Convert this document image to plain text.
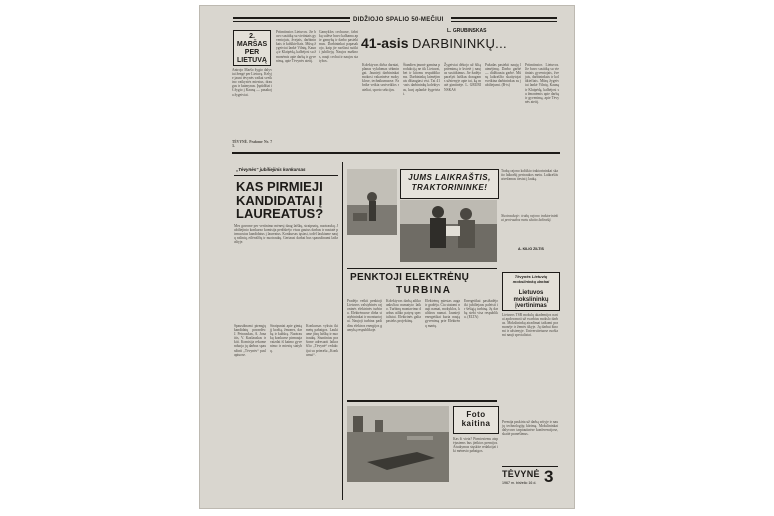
DIDŽIOJO SPALIO 50-MEČIUI
2. MARŠAS PER LIETUVĄ
Antrojo Maršo žygio dalyviai žengė per Lietuvą. Kelyje jauni tėvynės vaikai sveikino vaikystės miestus, draugus ir kaimynus. Įspūdžiai iš žygio į Kauną — pasakoja žygeiviai.
TĖVYNĖ. Prašome Nr. 73.
Priimtinsios Lietuvos. Jie buvo susitikę su vietiniais gyventojais, žvejais, darbininkais ir kolūkiečiais. Mūsų žygeiviai lankė Vilnių, Kauną ir Klaipėdą, kalbėjosi su žmonėmis apie darbą ir gyvenimą, apie Tėvynės ateitį.
Gamyklos cechuose, fabrikų salėse buvo kalbama apie gamybą ir darbo pasiekimus. Darbininkai papasakojo, kaip jie ruošiasi sutikti jubiliejų. Naujos mašinos, nauji cechai ir naujos statybos.
L. GRUBINSKAS
41-asis DARBININKŲ...
Kolektyvas dirba darniai, planas vykdomas sėkmingai. Jaunieji darbininkai mokosi vakarinėse mokyklose, technikumuose. Fabrike veikia saviveiklos rateliai, sporto sekcijos.
Šiandien įmonė gamina produkciją ne tik Lietuvai, bet ir kitoms respublikoms. Darbininkų laimėjimais džiaugiasi visi. Tai 41-asis darbininkų kolektyvas, kurį aplankė žygeiviai.
Žygeiviai dėkojo už šiltą priėmimą ir kvietė į naujus susitikimus. Jie žadėjo parašyti laiškus draugams užsienyje apie tai, ką matė gimtinėje. L. GRUBINSKAS
Pažadas pasiekti naujų laimėjimų. Darbo garbė — didžiausia garbė. Mūsų laikraščio skaitytojai sveikina darbininkus su jubiliejumi. (B-ts)
Priimtinsios Lietuvos. Jie buvo susitikę su vietiniais gyventojais, žvejais, darbininkais ir kolūkiečiais. Mūsų žygeiviai lankė Vilnių, Kauną ir Klaipėdą, kalbėjosi su žmonėmis apie darbą ir gyvenimą, apie Tėvynės ateitį.
„Tėvynės“ jubiliejinis konkursas
KAS PIRMIEJI KANDIDATAI Į LAUREATUS?
Mes gavome per vertinimo mėnesį daug laiškų, straipsnių, nuotraukų. Jubiliejinio konkurso komisija peržiūrėjo visus gautus darbus ir nustatė pirmuosius kandidatus į laureatus. Konkursas tęsiasi, todėl laukiame naujų rašinių, eilėraščių ir nuotraukų. Geriausi darbai bus spausdinami laikraštyje.
Spausdinami pirmųjų kandidatų pavardės: J. Petrauskas, A. Jonaitis, V. Kazlauskas ir kiti. Komisija rekomenduoja jų darbus spausdinti „Tėvynės“ puslapiuose.
Straipsniai apie gimtąjį kraštą, žmones, darbą ir kultūrą. Nuotraukų konkurse pirmauja vaizdai iš kaimo gyvenimo ir miestų statybų.
Konkursas vyksta iki metų pabaigos. Laukiame jūsų laiškų ir nuotraukų. Siuntinius prašome adresuoti laikraščio „Tėvynė“ redakcijai su prierašu „Konkursui“.
JUMS LAIKRAŠTIS, TRAKTORININKE!
Trakų rajono kolūkio traktorininkai skaito laikraštį pertraukos metu. Laikraštis atvežamas tiesiai į lauką.
Nuotraukoje: trakų rajono traktorininkai pertraukos metu skaito laikraštį.
A. KILIO ZILTIS
PENKTOJI ELEKTRĖNŲ
TURBINA
Pradėjo veikti penktoji Lietuvos valstybinės rajoninės elektrinės turbina. Elektrėnuose dirba statybininkai ir montuotojai. Naujoji turbina padidins elektros energijos gamybą respublikoje.
Kolektyvas darbą atliko anksčiau numatyto laiko. Turbinų montavimo darbus atliko patyrę specialistai. Elektrinės galia pasieks projektinę.
Elektrėnų miestas auga ir gražėja. Čia statomi nauji namai, mokyklos, kultūros namai. Jaunieji energetikai kuria naują gyvenimą prie Elektrėnų marių.
Energetikai pasižadėjo iki jubiliejaus paleisti ir šeštąją turbiną. Jų darbą stebi visa respublika. (ELTA)
Foto kaitina
Kas ši vieta? Pirmiesiems atspėjusiems bus įteiktos premijos. Atsakymus siųskite redakcijai iki mėnesio pabaigos.
Tėvynės Lietuvių mokslininkų darbai
Lietuvos mokslininkų įvertinimas
Lietuvos TSR mokslų akademijos nariai apdovanoti už svarbius mokslo darbus. Mokslininkų atradimai taikomi pramonėje ir žemės ūkyje. Jų darbai žinomi ir užsienyje. Universitetuose ruošiami nauji specialistai.
Premija paskirta už darbą srityje ir naujų technologijų kūrimą. Mokslininkai dalyvavo tarptautinėse konferencijose, skaitė pranešimus.
TĖVYNĖ
1967 m. birželio 16 d. 3
